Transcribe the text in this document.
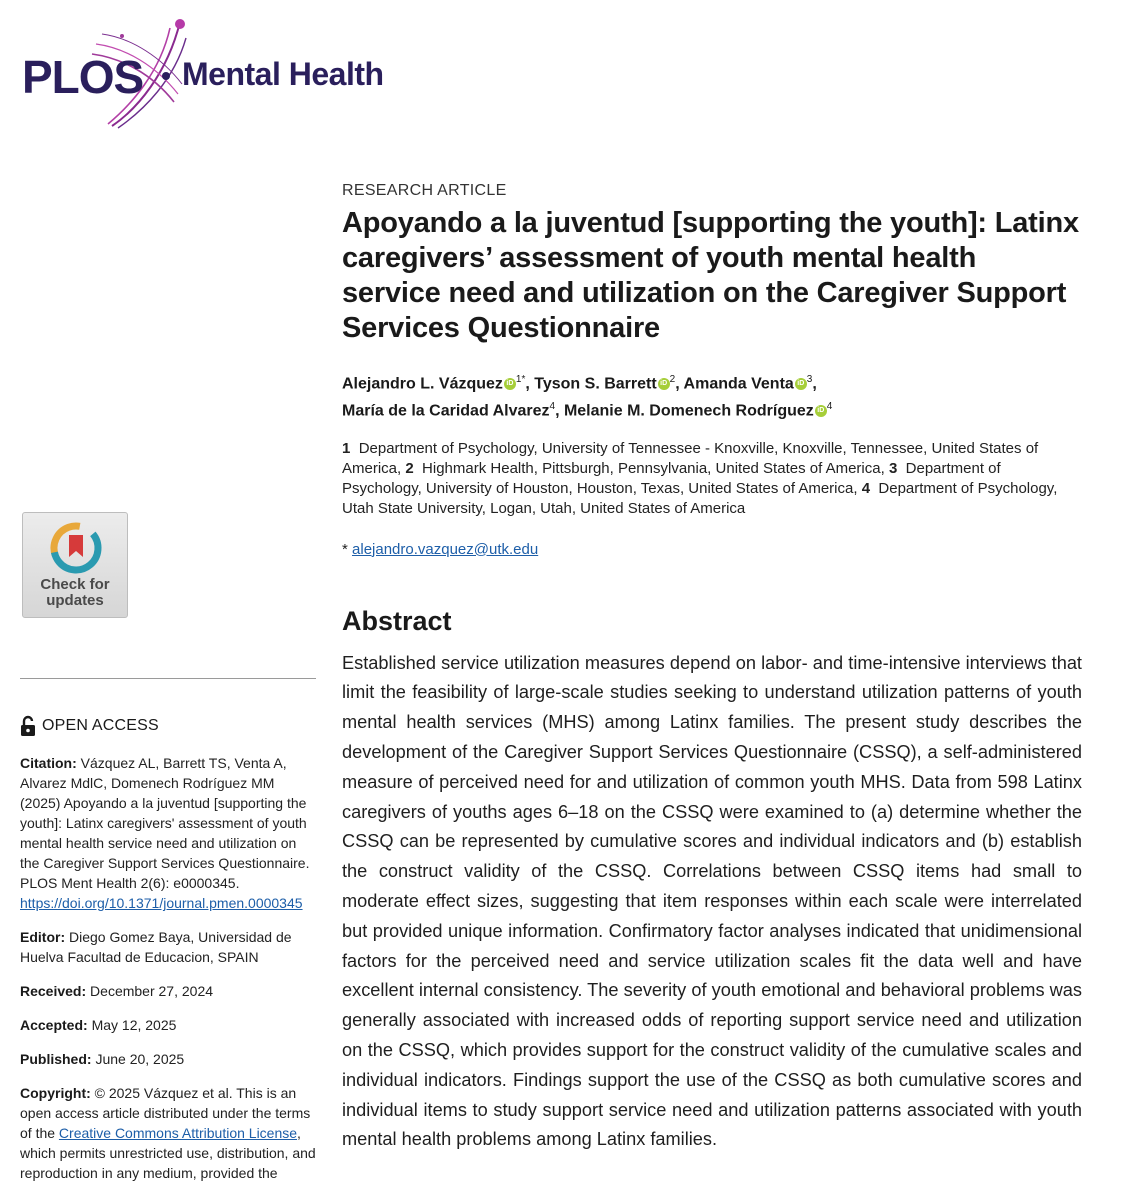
PLOS Mental Health
Check for updates
OPEN ACCESS

Citation: Vázquez AL, Barrett TS, Venta A, Alvarez MdlC, Domenech Rodríguez MM (2025) Apoyando a la juventud [supporting the youth]: Latinx caregivers' assessment of youth mental health service need and utilization on the Caregiver Support Services Questionnaire. PLOS Ment Health 2(6): e0000345. https://doi.org/10.1371/journal.pmen.0000345

Editor: Diego Gomez Baya, Universidad de Huelva Facultad de Educacion, SPAIN

Received: December 27, 2024

Accepted: May 12, 2025

Published: June 20, 2025

Copyright: © 2025 Vázquez et al. This is an open access article distributed under the terms of the Creative Commons Attribution License, which permits unrestricted use, distribution, and reproduction in any medium, provided the

RESEARCH ARTICLE
Apoyando a la juventud [supporting the youth]: Latinx caregivers’ assessment of youth mental health service need and utilization on the Caregiver Support Services Questionnaire
Alejandro L. Vázquez iD $^{1*}$, Tyson S. Barrett iD $^2$, Amanda Venta iD $^3$,
María de la Caridad Alvarez$^4$, Melanie M. Domenech Rodríguez iD $^4$
1 Department of Psychology, University of Tennessee - Knoxville, Knoxville, Tennessee, United States of America, 2 Highmark Health, Pittsburgh, Pennsylvania, United States of America, 3 Department of Psychology, University of Houston, Houston, Texas, United States of America, 4 Department of Psychology, Utah State University, Logan, Utah, United States of America
* alejandro.vazquez@utk.edu
Abstract
Established service utilization measures depend on labor- and time-intensive interviews that limit the feasibility of large-scale studies seeking to understand utilization patterns of youth mental health services (MHS) among Latinx families. The present study describes the development of the Caregiver Support Services Questionnaire (CSSQ), a self-administered measure of perceived need for and utilization of common youth MHS. Data from 598 Latinx caregivers of youths ages 6–18 on the CSSQ were examined to (a) determine whether the CSSQ can be represented by cumulative scores and individual indicators and (b) establish the construct validity of the CSSQ. Correlations between CSSQ items had small to moderate effect sizes, suggesting that item responses within each scale were interrelated but provided unique information. Confirmatory factor analyses indicated that unidimensional factors for the perceived need and service utilization scales fit the data well and have excellent internal consistency. The severity of youth emotional and behavioral problems was generally associated with increased odds of reporting support service need and utilization on the CSSQ, which provides support for the construct validity of the cumulative scales and individual indicators. Findings support the use of the CSSQ as both cumulative scores and individual items to study support service need and utilization patterns associated with youth mental health problems among Latinx families.
